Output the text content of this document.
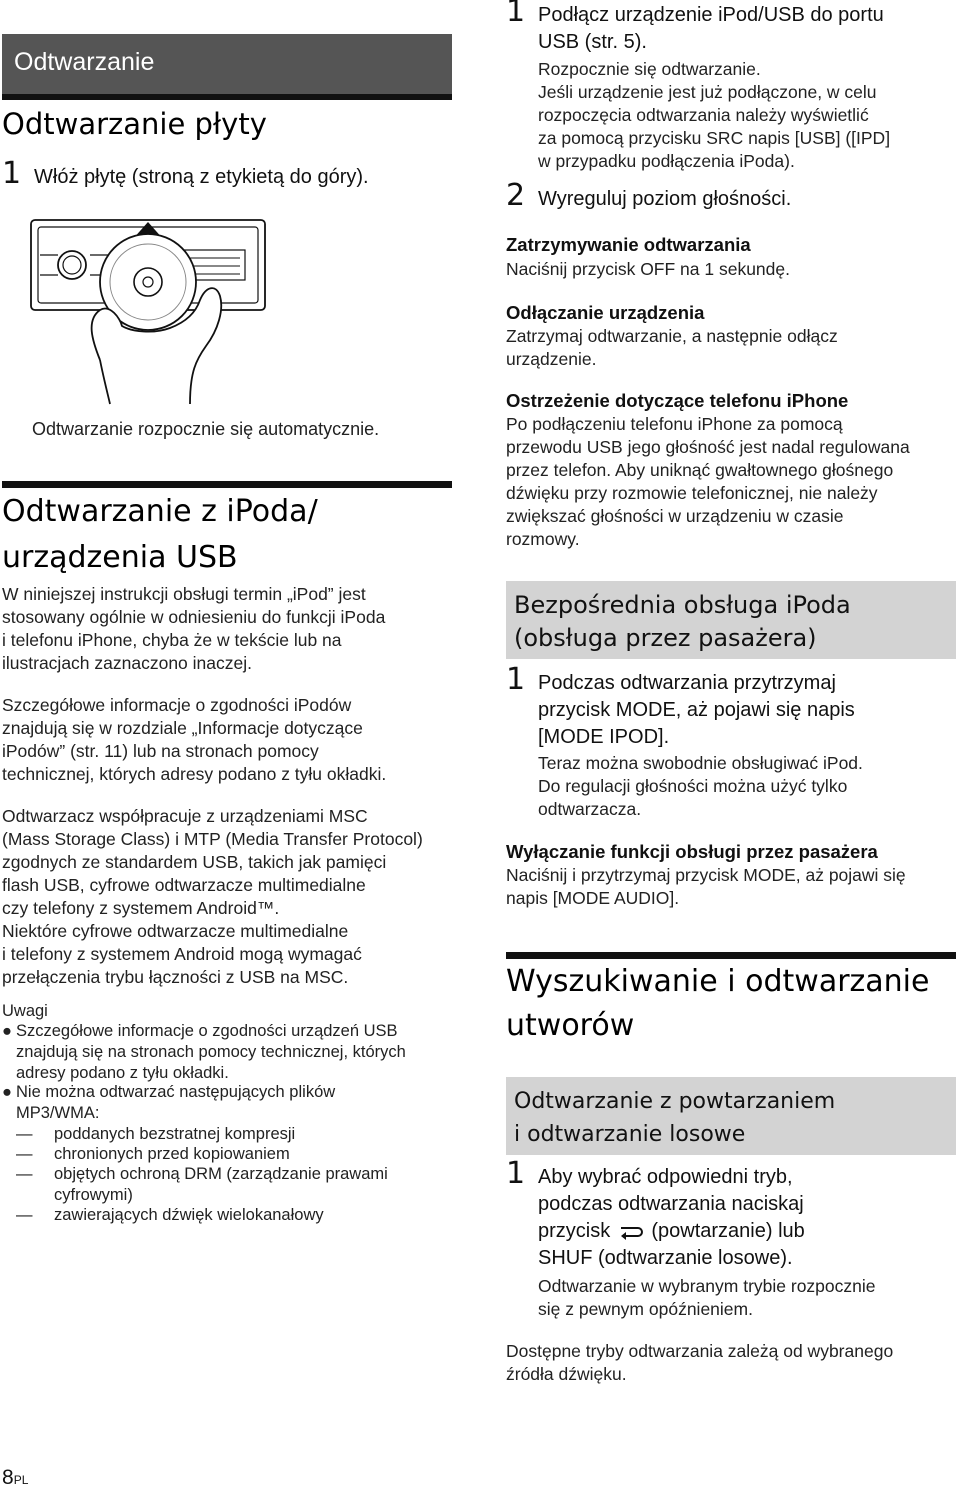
Odtwarzanie
Odtwarzanie płyty
1 Włóż płytę (stroną z etykietą do góry).
Odtwarzanie rozpocznie się automatycznie.
Odtwarzanie z iPoda/
urządzenia USB
W niniejszej instrukcji obsługi termin „iPod” jest
stosowany ogólnie w odniesieniu do funkcji iPoda
i telefonu iPhone, chyba że w tekście lub na
ilustracjach zaznaczono inaczej.
Szczegółowe informacje o zgodności iPodów
znajdują się w rozdziale „Informacje dotyczące
iPodów” (str. 11) lub na stronach pomocy
technicznej, których adresy podano z tyłu okładki.
Odtwarzacz współpracuje z urządzeniami MSC
(Mass Storage Class) i MTP (Media Transfer Protocol)
zgodnych ze standardem USB, takich jak pamięci
flash USB, cyfrowe odtwarzacze multimedialne
czy telefony z systemem Android™.
Niektóre cyfrowe odtwarzacze multimedialne
i telefony z systemem Android mogą wymagać
przełączenia trybu łączności z USB na MSC.
Uwagi
● Szczegółowe informacje o zgodności urządzeń USB
znajdują się na stronach pomocy technicznej, których
adresy podano z tyłu okładki.
● Nie można odtwarzać następujących plików
MP3/WMA:
— poddanych bezstratnej kompresji
— chronionych przed kopiowaniem
— objętych ochroną DRM (zarządzanie prawami
cyfrowymi)
— zawierających dźwięk wielokanałowy
8PL
1 Podłącz urządzenie iPod/USB do portu
USB (str. 5).
Rozpocznie się odtwarzanie.
Jeśli urządzenie jest już podłączone, w celu
rozpoczęcia odtwarzania należy wyświetlić
za pomocą przycisku SRC napis [USB] ([IPD]
w przypadku podłączenia iPoda).
2 Wyreguluj poziom głośności.
Zatrzymywanie odtwarzania
Naciśnij przycisk OFF na 1 sekundę.
Odłączanie urządzenia
Zatrzymaj odtwarzanie, a następnie odłącz
urządzenie.
Ostrzeżenie dotyczące telefonu iPhone
Po podłączeniu telefonu iPhone za pomocą
przewodu USB jego głośność jest nadal regulowana
przez telefon. Aby uniknąć gwałtownego głośnego
dźwięku przy rozmowie telefonicznej, nie należy
zwiększać głośności w urządzeniu w czasie
rozmowy.
Bezpośrednia obsługa iPoda
(obsługa przez pasażera)
1 Podczas odtwarzania przytrzymaj
przycisk MODE, aż pojawi się napis
[MODE IPOD].
Teraz można swobodnie obsługiwać iPod.
Do regulacji głośności można użyć tylko
odtwarzacza.
Wyłączanie funkcji obsługi przez pasażera
Naciśnij i przytrzymaj przycisk MODE, aż pojawi się
napis [MODE AUDIO].
Wyszukiwanie i odtwarzanie
utworów
Odtwarzanie z powtarzaniem
i odtwarzanie losowe
1 Aby wybrać odpowiedni tryb,
podczas odtwarzania naciskaj
przycisk (powtarzanie) lub
SHUF (odtwarzanie losowe).
Odtwarzanie w wybranym trybie rozpocznie
się z pewnym opóźnieniem.
Dostępne tryby odtwarzania zależą od wybranego
źródła dźwięku.
